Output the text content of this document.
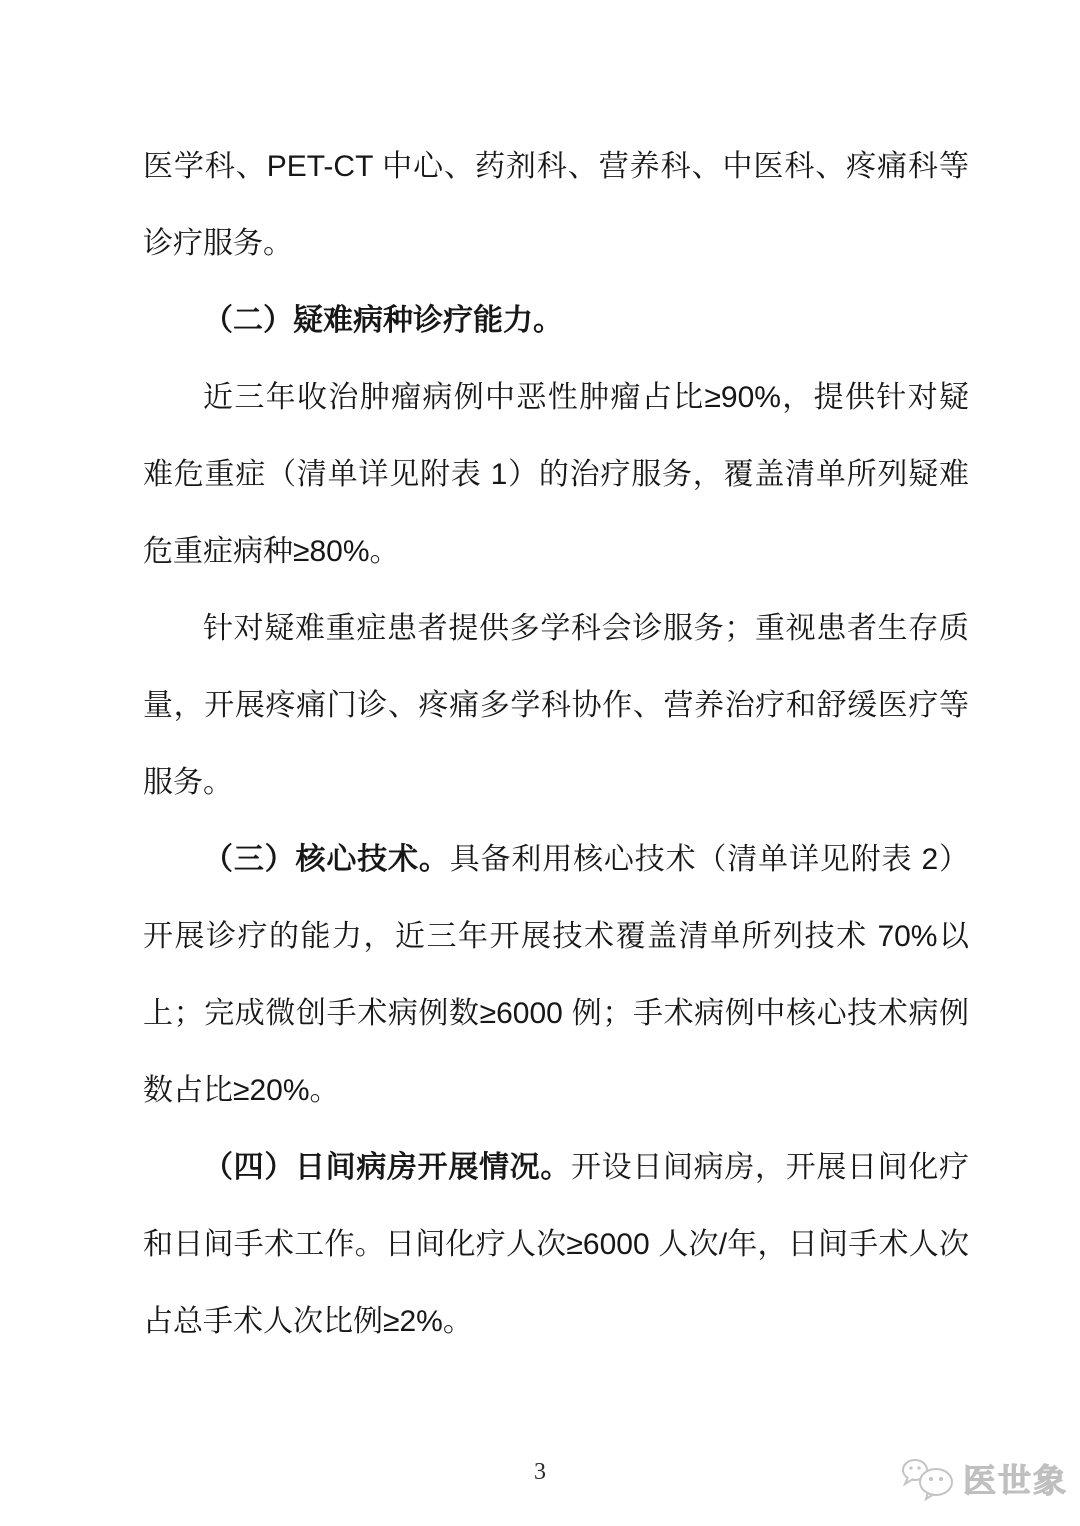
医学科、PET-CT 中心、药剂科、营养科、中医科、疼痛科等诊疗服务。

（二）疑难病种诊疗能力。

近三年收治肿瘤病例中恶性肿瘤占比≥90%，提供针对疑难危重症（清单详见附表 1）的治疗服务，覆盖清单所列疑难危重症病种≥80%。

针对疑难重症患者提供多学科会诊服务；重视患者生存质量，开展疼痛门诊、疼痛多学科协作、营养治疗和舒缓医疗等服务。

（三）核心技术。具备利用核心技术（清单详见附表 2）开展诊疗的能力，近三年开展技术覆盖清单所列技术 70%以上；完成微创手术病例数≥6000 例；手术病例中核心技术病例数占比≥20%。

（四）日间病房开展情况。开设日间病房，开展日间化疗和日间手术工作。日间化疗人次≥6000 人次/年，日间手术人次占总手术人次比例≥2%。

3	医世象
